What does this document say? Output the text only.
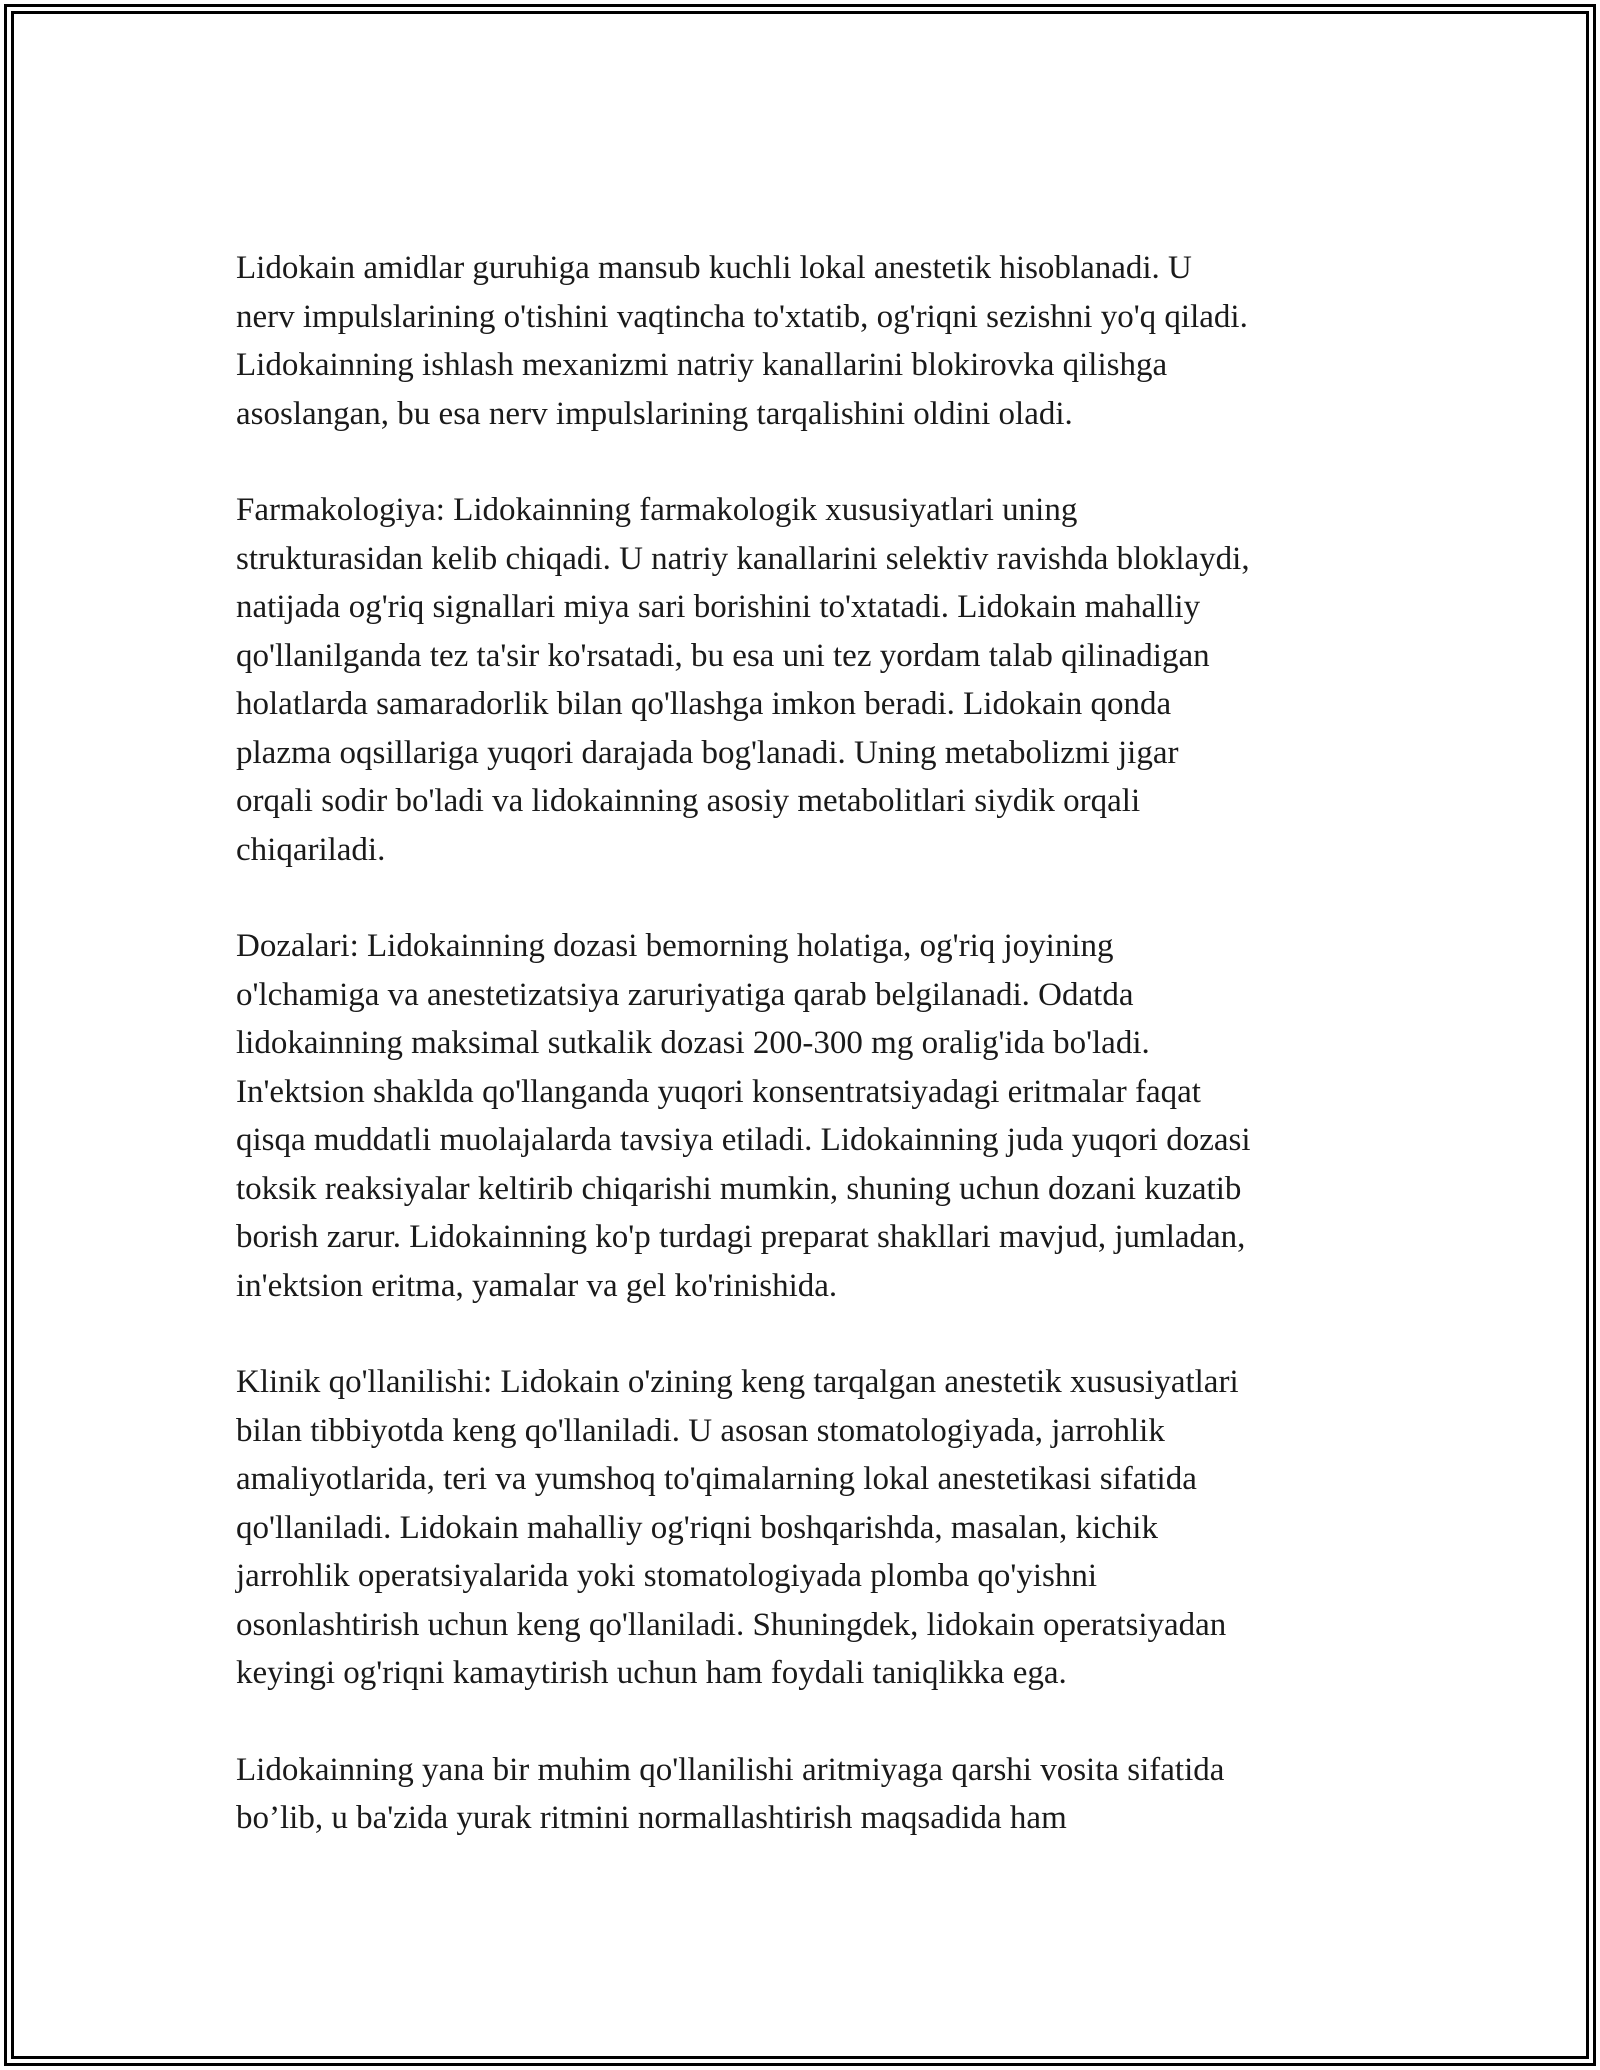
Lidokain amidlar guruhiga mansub kuchli lokal anestetik hisoblanadi. U
nerv impulslarining o'tishini vaqtincha to'xtatib, og'riqni sezishni yo'q qiladi.
Lidokainning ishlash mexanizmi natriy kanallarini blokirovka qilishga
asoslangan, bu esa nerv impulslarining tarqalishini oldini oladi.

Farmakologiya: Lidokainning farmakologik xususiyatlari uning
strukturasidan kelib chiqadi. U natriy kanallarini selektiv ravishda bloklaydi,
natijada og'riq signallari miya sari borishini to'xtatadi. Lidokain mahalliy
qo'llanilganda tez ta'sir ko'rsatadi, bu esa uni tez yordam talab qilinadigan
holatlarda samaradorlik bilan qo'llashga imkon beradi. Lidokain qonda
plazma oqsillariga yuqori darajada bog'lanadi. Uning metabolizmi jigar
orqali sodir bo'ladi va lidokainning asosiy metabolitlari siydik orqali
chiqariladi.

Dozalari: Lidokainning dozasi bemorning holatiga, og'riq joyining
o'lchamiga va anestetizatsiya zaruriyatiga qarab belgilanadi. Odatda
lidokainning maksimal sutkalik dozasi 200-300 mg oralig'ida bo'ladi.
In'ektsion shaklda qo'llanganda yuqori konsentratsiyadagi eritmalar faqat
qisqa muddatli muolajalarda tavsiya etiladi. Lidokainning juda yuqori dozasi
toksik reaksiyalar keltirib chiqarishi mumkin, shuning uchun dozani kuzatib
borish zarur. Lidokainning ko'p turdagi preparat shakllari mavjud, jumladan,
in'ektsion eritma, yamalar va gel ko'rinishida.

Klinik qo'llanilishi: Lidokain o'zining keng tarqalgan anestetik xususiyatlari
bilan tibbiyotda keng qo'llaniladi. U asosan stomatologiyada, jarrohlik
amaliyotlarida, teri va yumshoq to'qimalarning lokal anestetikasi sifatida
qo'llaniladi. Lidokain mahalliy og'riqni boshqarishda, masalan, kichik
jarrohlik operatsiyalarida yoki stomatologiyada plomba qo'yishni
osonlashtirish uchun keng qo'llaniladi. Shuningdek, lidokain operatsiyadan
keyingi og'riqni kamaytirish uchun ham foydali taniqlikka ega.

Lidokainning yana bir muhim qo'llanilishi aritmiyaga qarshi vosita sifatida
bo’lib, u ba'zida yurak ritmini normallashtirish maqsadida ham
